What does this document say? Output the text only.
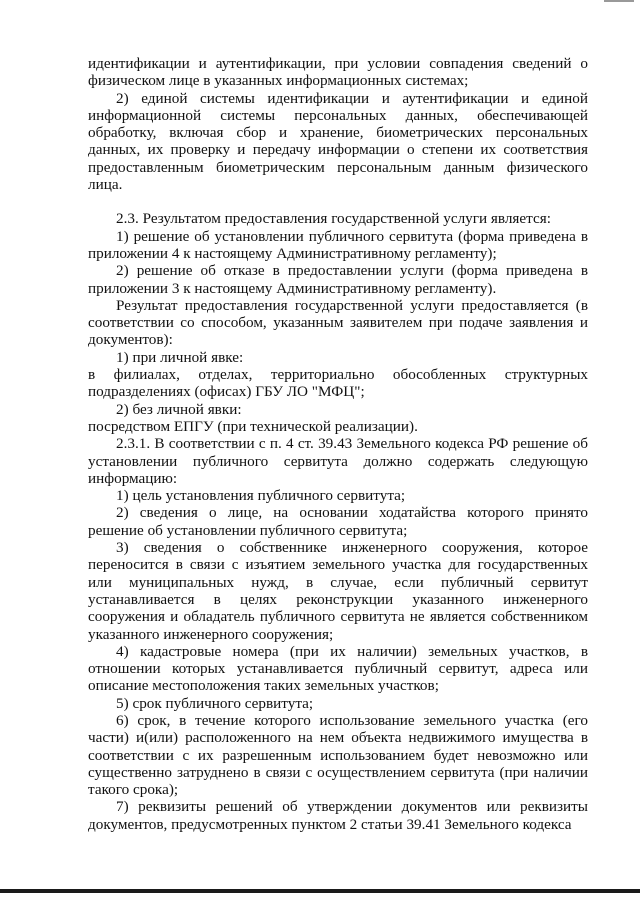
идентификации и аутентификации, при условии совпадения сведений о физическом лице в указанных информационных системах;

2) единой системы идентификации и аутентификации и единой информационной системы персональных данных, обеспечивающей обработку, включая сбор и хранение, биометрических персональных данных, их проверку и передачу информации о степени их соответствия предоставленным биометрическим персональным данным физического лица.

2.3. Результатом предоставления государственной услуги является:

1) решение об установлении публичного сервитута (форма приведена в приложении 4 к настоящему Административному регламенту);

2) решение об отказе в предоставлении услуги (форма приведена в приложении 3 к настоящему Административному регламенту).

Результат предоставления государственной услуги предоставляется (в соответствии со способом, указанным заявителем при подаче заявления и документов):

1) при личной явке:

в филиалах, отделах, территориально обособленных структурных подразделениях (офисах) ГБУ ЛО "МФЦ";

2) без личной явки:

посредством ЕПГУ (при технической реализации).

2.3.1. В соответствии с п. 4 ст. 39.43 Земельного кодекса РФ решение об установлении публичного сервитута должно содержать следующую информацию:

1) цель установления публичного сервитута;

2) сведения о лице, на основании ходатайства которого принято решение об установлении публичного сервитута;

3) сведения о собственнике инженерного сооружения, которое переносится в связи с изъятием земельного участка для государственных или муниципальных нужд, в случае, если публичный сервитут устанавливается в целях реконструкции указанного инженерного сооружения и обладатель публичного сервитута не является собственником указанного инженерного сооружения;

4) кадастровые номера (при их наличии) земельных участков, в отношении которых устанавливается публичный сервитут, адреса или описание местоположения таких земельных участков;

5) срок публичного сервитута;

6) срок, в течение которого использование земельного участка (его части) и(или) расположенного на нем объекта недвижимого имущества в соответствии с их разрешенным использованием будет невозможно или существенно затруднено в связи с осуществлением сервитута (при наличии такого срока);

7) реквизиты решений об утверждении документов или реквизиты документов, предусмотренных пунктом 2 статьи 39.41 Земельного кодекса
